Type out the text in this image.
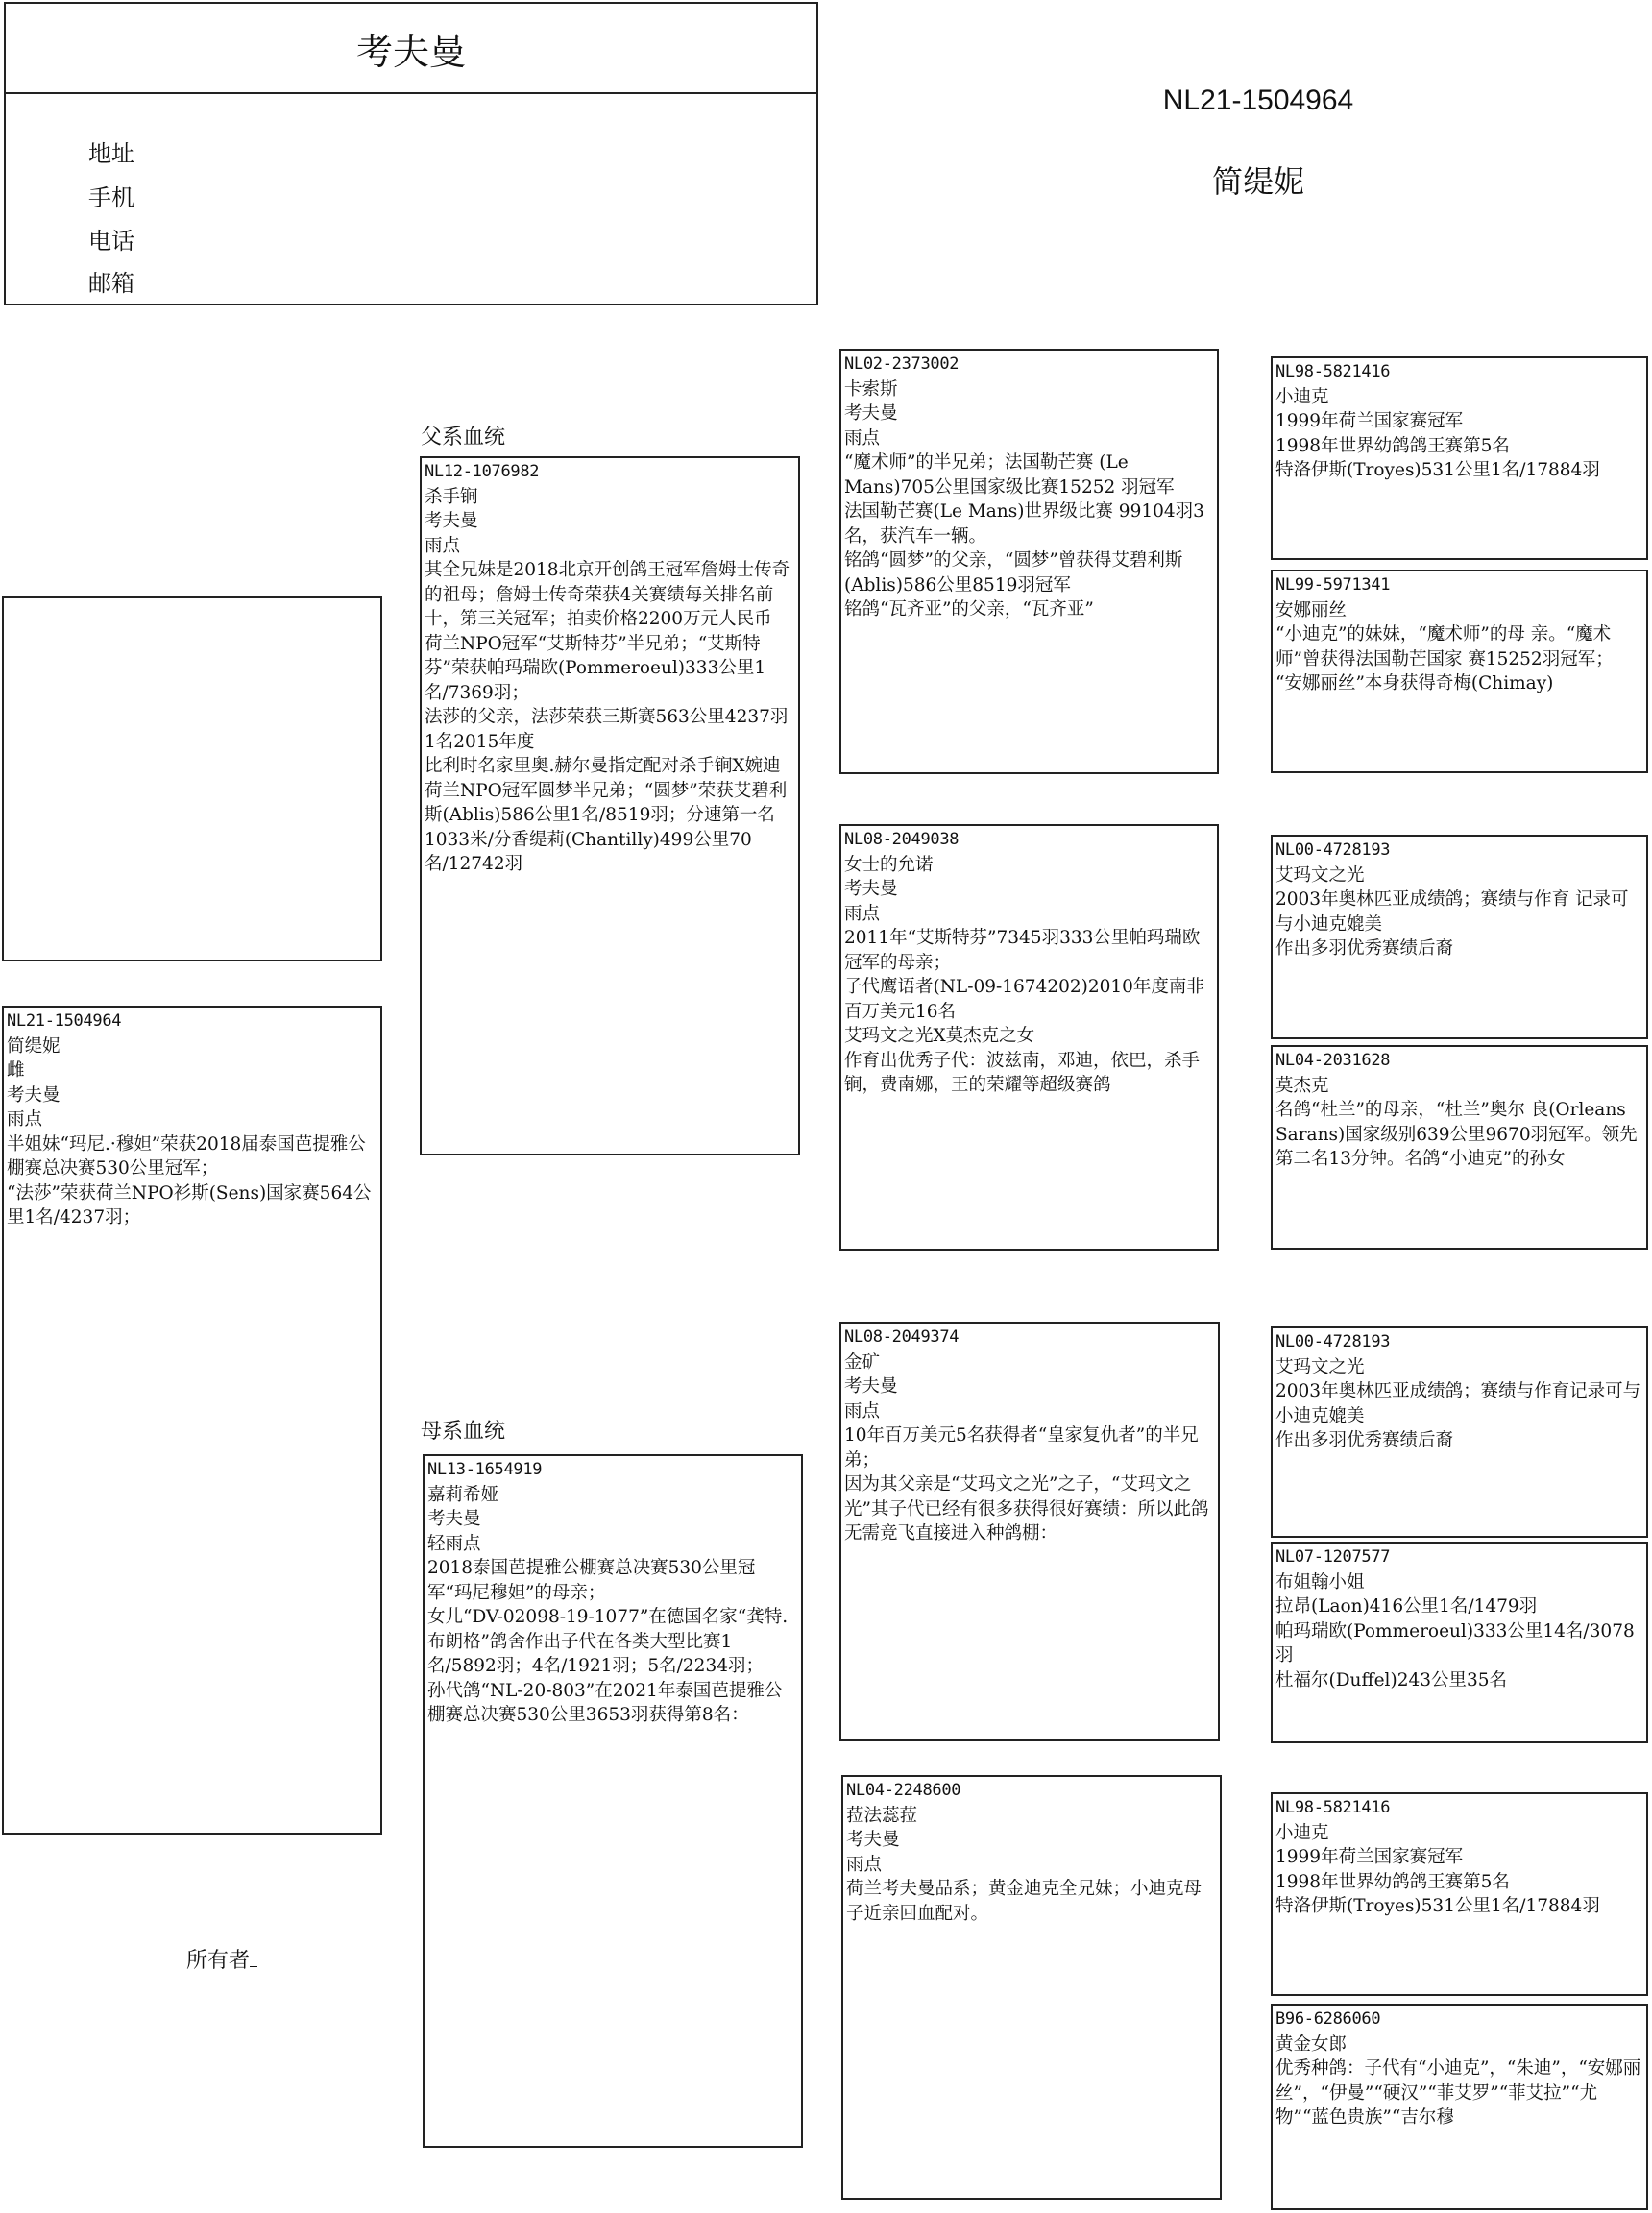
考夫曼
地址
手机
电话
邮箱
NL21-1504964
简缇妮
父系血统
母系血统
所有者
NL21-1504964
简缇妮
雌
考夫曼
雨点
半姐妹“玛尼.·穆妲”荣获2018届泰国芭提雅公棚赛总决赛530公里冠军；
“法莎”荣获荷兰NPO衫斯(Sens)国家赛564公里1名/4237羽；
NL12-1076982
杀手锏
考夫曼
雨点
其全兄妹是2018北京开创鸽王冠军詹姆士传奇的祖母；詹姆士传奇荣获4关赛绩每关排名前十，第三关冠军；拍卖价格2200万元人民币
荷兰NPO冠军“艾斯特芬”半兄弟；“艾斯特芬”荣获帕玛瑞欧(Pommeroeul)333公里1名/7369羽；
法莎的父亲，法莎荣获三斯赛563公里4237羽1名2015年度
比利时名家里奥.赫尔曼指定配对杀手锏X婉迪
荷兰NPO冠军圆梦半兄弟；“圆梦”荣获艾碧利斯(Ablis)586公里1名/8519羽；分速第一名1033米/分香缇莉(Chantilly)499公里70名/12742羽
NL13-1654919
嘉莉希娅
考夫曼
轻雨点
2018泰国芭提雅公棚赛总决赛530公里冠军“玛尼穆妲”的母亲；
女儿“DV-02098-19-1077”在德国名家“龚特.布朗格”鸽舍作出子代在各类大型比赛1名/5892羽；4名/1921羽；5名/2234羽；
孙代鸽“NL-20-803”在2021年泰国芭提雅公棚赛总决赛530公里3653羽获得第8名：
NL02-2373002
卡索斯
考夫曼
雨点
“魔术师”的半兄弟；法国勒芒赛 (Le Mans)705公里国家级比赛15252 羽冠军
法国勒芒赛(Le Mans)世界级比赛 99104羽3名，获汽车一辆。
铭鸽“圆梦”的父亲，“圆梦”曾获得艾碧利斯(Ablis)586公里8519羽冠军
铭鸽“瓦齐亚”的父亲，“瓦齐亚”
NL08-2049038
女士的允诺
考夫曼
雨点
2011年“艾斯特芬”7345羽333公里帕玛瑞欧冠军的母亲；
子代鹰语者(NL-09-1674202)2010年度南非百万美元16名
艾玛文之光X莫杰克之女
作育出优秀子代：波兹南，邓迪，依巴，杀手锏，费南娜，王的荣耀等超级赛鸽
NL08-2049374
金矿
考夫曼
雨点
10年百万美元5名获得者“皇家复仇者”的半兄弟；
因为其父亲是“艾玛文之光”之子，“艾玛文之光”其子代已经有很多获得很好赛绩：所以此鸽无需竞飞直接进入种鸽棚：
NL04-2248600
菈法蕊菈
考夫曼
雨点
荷兰考夫曼品系；黄金迪克全兄妹；小迪克母子近亲回血配对。
NL98-5821416
小迪克
1999年荷兰国家赛冠军
1998年世界幼鸽鸽王赛第5名
特洛伊斯(Troyes)531公里1名/17884羽
NL99-5971341
安娜丽丝
“小迪克”的妹妹，“魔术师”的母 亲。“魔术师”曾获得法国勒芒国家 赛15252羽冠军；
“安娜丽丝”本身获得奇梅(Chimay)
NL00-4728193
艾玛文之光
2003年奥林匹亚成绩鸽；赛绩与作育 记录可与小迪克媲美
作出多羽优秀赛绩后裔
NL04-2031628
莫杰克
名鸽“杜兰”的母亲，“杜兰”奥尔 良(Orleans Sarans)国家级别639公里9670羽冠军。领先第二名13分钟。名鸽“小迪克”的孙女
NL00-4728193
艾玛文之光
2003年奥林匹亚成绩鸽；赛绩与作育记录可与小迪克媲美
作出多羽优秀赛绩后裔
NL07-1207577
布姐翰小姐
拉昂(Laon)416公里1名/1479羽
帕玛瑞欧(Pommeroeul)333公里14名/3078羽
杜福尔(Duffel)243公里35名
NL98-5821416
小迪克
1999年荷兰国家赛冠军
1998年世界幼鸽鸽王赛第5名
特洛伊斯(Troyes)531公里1名/17884羽
B96-6286060
黄金女郎
优秀种鸽：子代有“小迪克”，“朱迪”，“安娜丽丝”，“伊曼”“硬汉”“菲艾罗”“菲艾拉”“尤物”“蓝色贵族”“吉尔穆
